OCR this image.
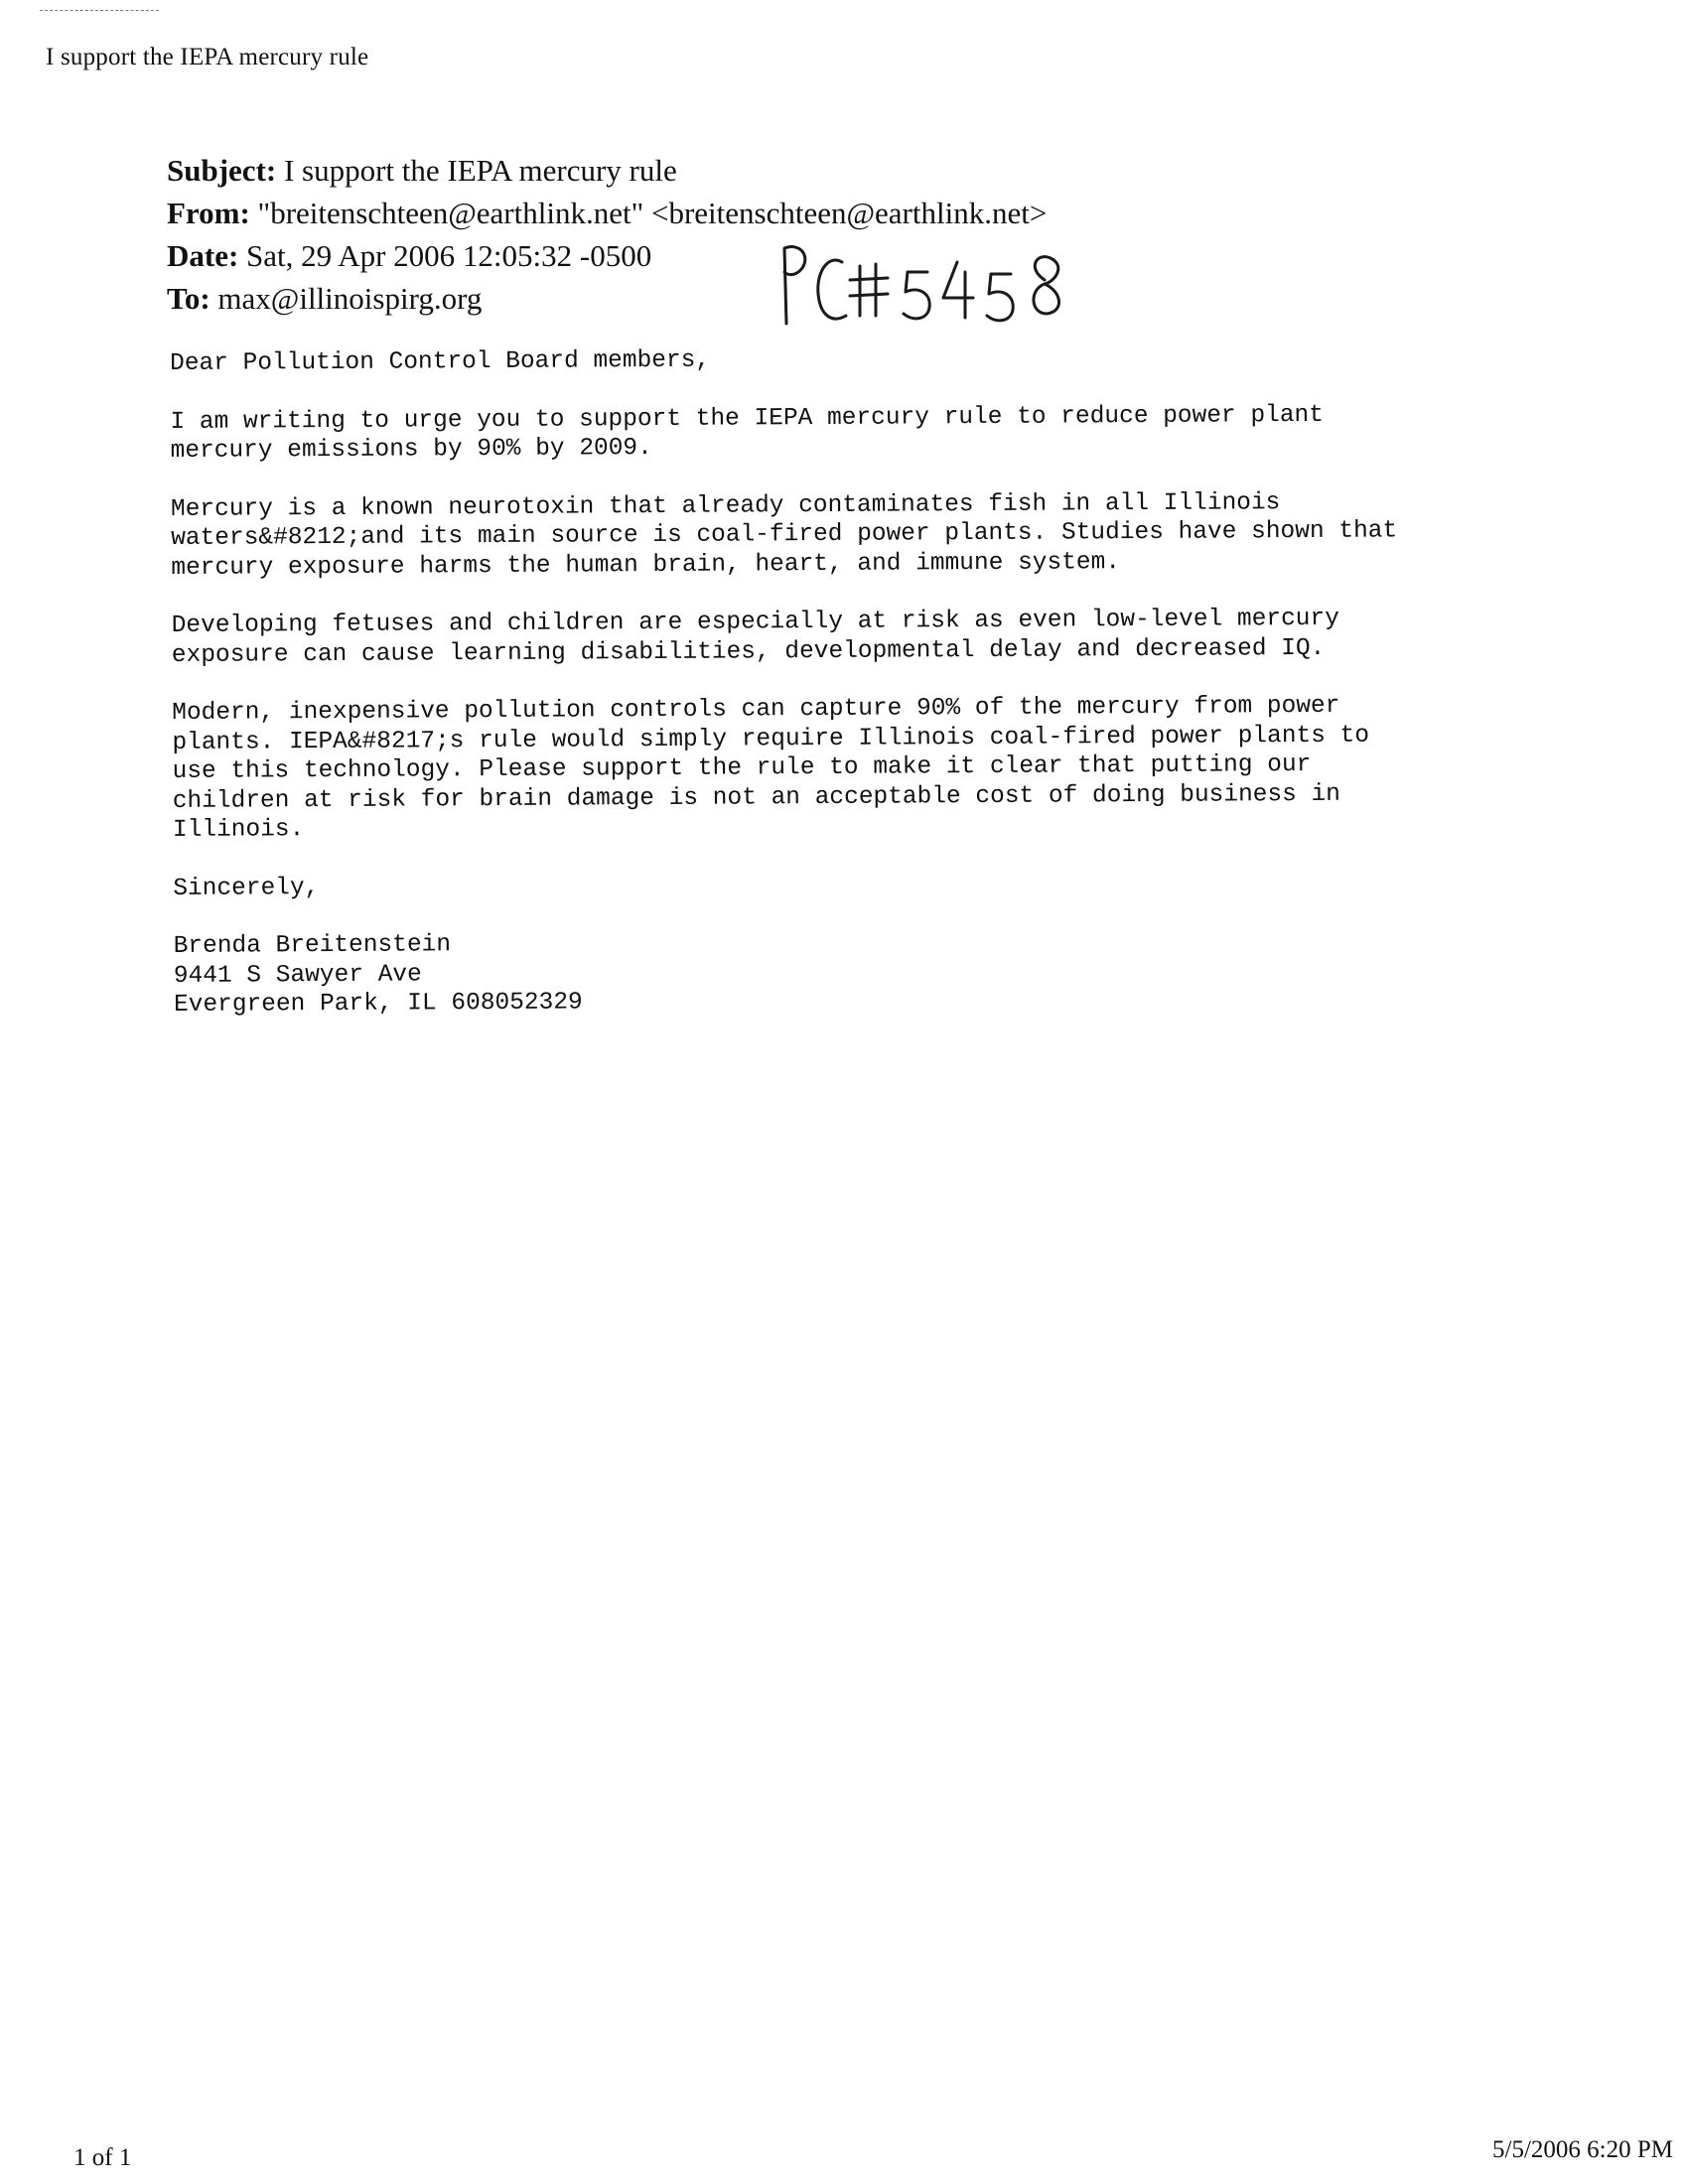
I support the IEPA mercury rule
Subject: I support the IEPA mercury rule
From: "breitenschteen@earthlink.net" <breitenschteen@earthlink.net>
Date: Sat, 29 Apr 2006 12:05:32 -0500
To: max@illinoispirg.org

Dear Pollution Control Board members,

I am writing to urge you to support the IEPA mercury rule to reduce power plant
mercury emissions by 90% by 2009.

Mercury is a known neurotoxin that already contaminates fish in all Illinois
waters&#8212;and its main source is coal-fired power plants. Studies have shown that
mercury exposure harms the human brain, heart, and immune system.

Developing fetuses and children are especially at risk as even low-level mercury
exposure can cause learning disabilities, developmental delay and decreased IQ.

Modern, inexpensive pollution controls can capture 90% of the mercury from power
plants. IEPA&#8217;s rule would simply require Illinois coal-fired power plants to
use this technology. Please support the rule to make it clear that putting our
children at risk for brain damage is not an acceptable cost of doing business in
Illinois.

Sincerely,

Brenda Breitenstein
9441 S Sawyer Ave
Evergreen Park, IL 608052329
1 of 1	5/5/2006 6:20 PM
